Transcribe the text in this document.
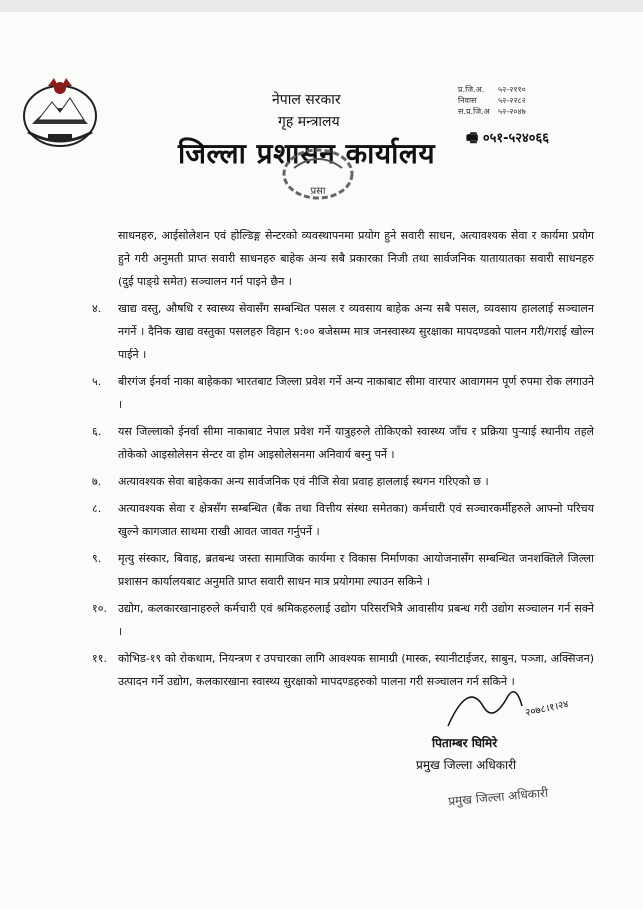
नेपाल सरकार
गृह मन्त्रालय
जिल्ला प्रशासन कार्यालय
प्र.जि.अ.	५२-२११०
निवास	५२-२२८२
स.प्र.जि.अ	५२-२०४७
🖷 ०५१-५२४०६६
प्रसा
साधनहरु, आईसोलेशन एवं होल्डिङ्ग सेन्टरको व्यवस्थापनमा प्रयोग हुने सवारी साधन, अत्यावश्यक सेवा र कार्यमा प्रयोग हुने गरी अनुमती प्राप्त सवारी साधनहरु बाहेक अन्य सबै प्रकारका निजी तथा सार्वजनिक यातायातका सवारी साधनहरु (दुई पाङ्ग्रे समेत) सञ्चालन गर्न पाइने छैन ।
४. खाद्य वस्तु, औषधि र स्वास्थ्य सेवासँग सम्बन्धित पसल र व्यवसाय बाहेक अन्य सबै पसल, व्यवसाय हाललाई सञ्चालन नगर्ने । दैनिक खाद्य वस्तुका पसलहरु विहान ९:०० बजेसम्म मात्र जनस्वास्थ्य सुरक्षाका मापदण्डको पालन गरी/गराई खोल्न पाईने ।
५. बीरगंज ईनर्वा नाका बाहेकका भारतबाट जिल्ला प्रवेश गर्ने अन्य नाकाबाट सीमा वारपार आवागमन पूर्ण रुपमा रोक लगाउने ।
६. यस जिल्लाको ईनर्वा सीमा नाकाबाट नेपाल प्रवेश गर्ने यात्रुहरुले तोकिएको स्वास्थ्य जाँच र प्रक्रिया पुऱ्याई स्थानीय तहले तोकेको आइसोलेसन सेन्टर वा होम आइसोलेसनमा अनिवार्य बस्नु पर्ने ।
७. अत्यावश्यक सेवा बाहेकका अन्य सार्वजनिक एवं नीजि सेवा प्रवाह हाललाई स्थगन गरिएको छ ।
८. अत्यावश्यक सेवा र क्षेत्रसँग सम्बन्धित (बैंक तथा वित्तीय संस्था समेतका) कर्मचारी एवं सञ्चारकर्मीहरुले आफ्नो परिचय खुल्ने कागजात साथमा राखी आवत जावत गर्नुपर्ने ।
९. मृत्यु संस्कार, बिवाह, ब्रतबन्ध जस्ता सामाजिक कार्यमा र विकास निर्माणका आयोजनासँग सम्बन्धित जनशक्तिले जिल्ला प्रशासन कार्यालयबाट अनुमति प्राप्त सवारी साधन मात्र प्रयोगमा ल्याउन सकिने ।
१०. उद्योग, कलकारखानाहरुले कर्मचारी एवं श्रमिकहरुलाई उद्योग परिसरभित्रै आवासीय प्रबन्ध गरी उद्योग सञ्चालन गर्न सक्ने ।
११. कोभिड-१९ को रोकथाम, नियन्त्रण र उपचारका लागि आवश्यक सामाग्री (मास्क, स्यानीटाईजर, साबुन, पञ्जा, अक्सिजन) उत्पादन गर्ने उद्योग, कलकारखाना स्वास्थ्य सुरक्षाको मापदण्डहरुको पालना गरी सञ्चालन गर्न सकिने ।
२०७८।१।२४
पिताम्बर घिमिरे
प्रमुख जिल्ला अधिकारी
प्रमुख जिल्ला अधिकारी
